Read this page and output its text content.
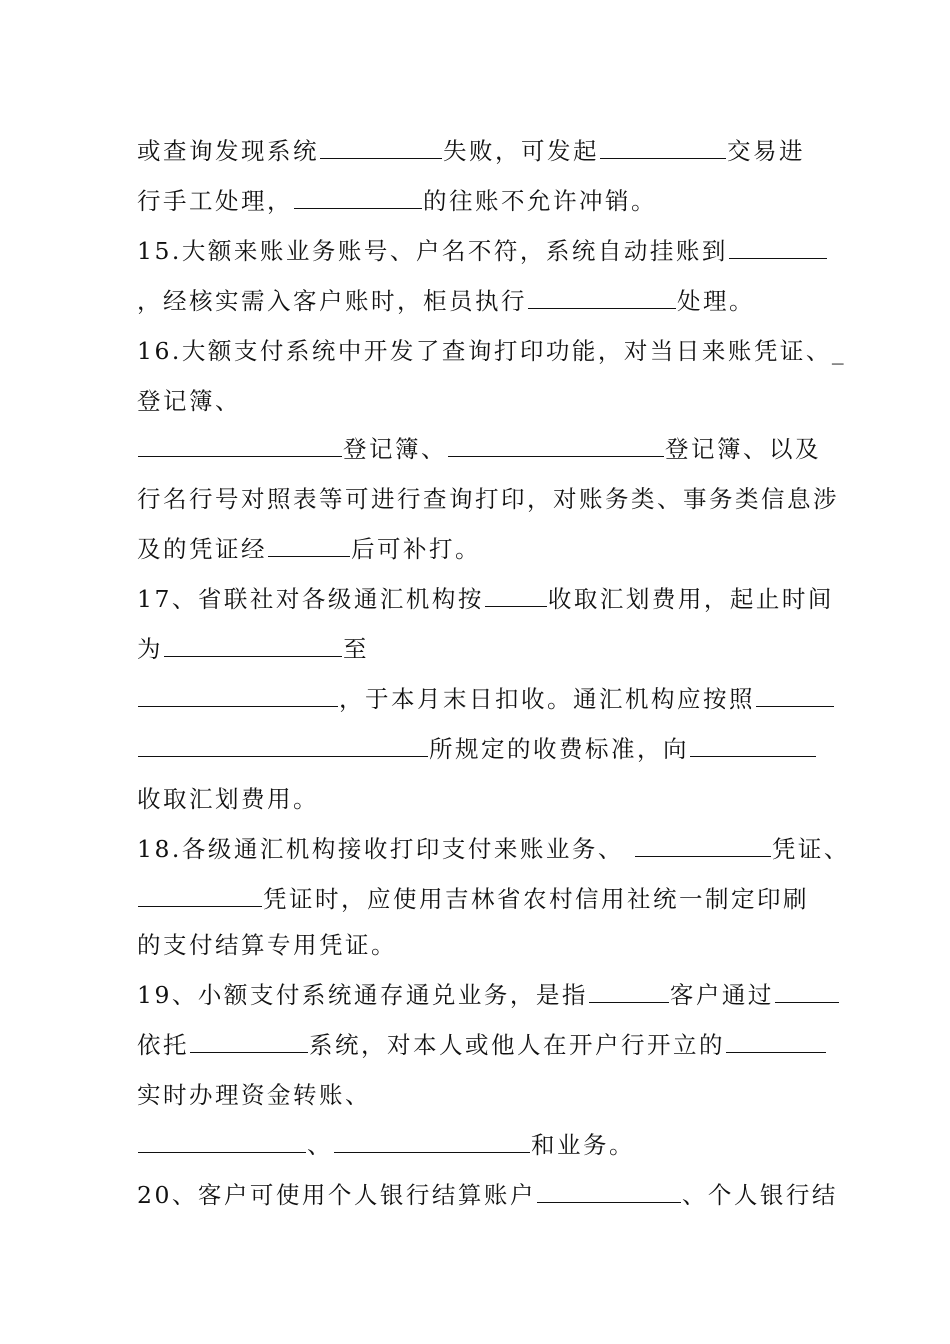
或查询发现系统	失败，可发起	交易进
行手工处理，	的往账不允许冲销。
15.大额来账业务账号、户名不符，系统自动挂账到
，经核实需入客户账时，柜员执行	处理。
16.大额支付系统中开发了查询打印功能，对当日来账凭证、_
登记簿、
登记簿、	登记簿、以及
行名行号对照表等可进行查询打印，对账务类、事务类信息涉
及的凭证经	后可补打。
17、省联社对各级通汇机构按	收取汇划费用，起止时间
为	至
，于本月末日扣收。通汇机构应按照
所规定的收费标准，向
收取汇划费用。
18.各级通汇机构接收打印支付来账业务、	凭证、
凭证时，应使用吉林省农村信用社统一制定印刷
的支付结算专用凭证。
19、小额支付系统通存通兑业务，是指	客户通过
依托	系统，对本人或他人在开户行开立的
实时办理资金转账、
、	和业务。
20、客户可使用个人银行结算账户	、个人银行结
